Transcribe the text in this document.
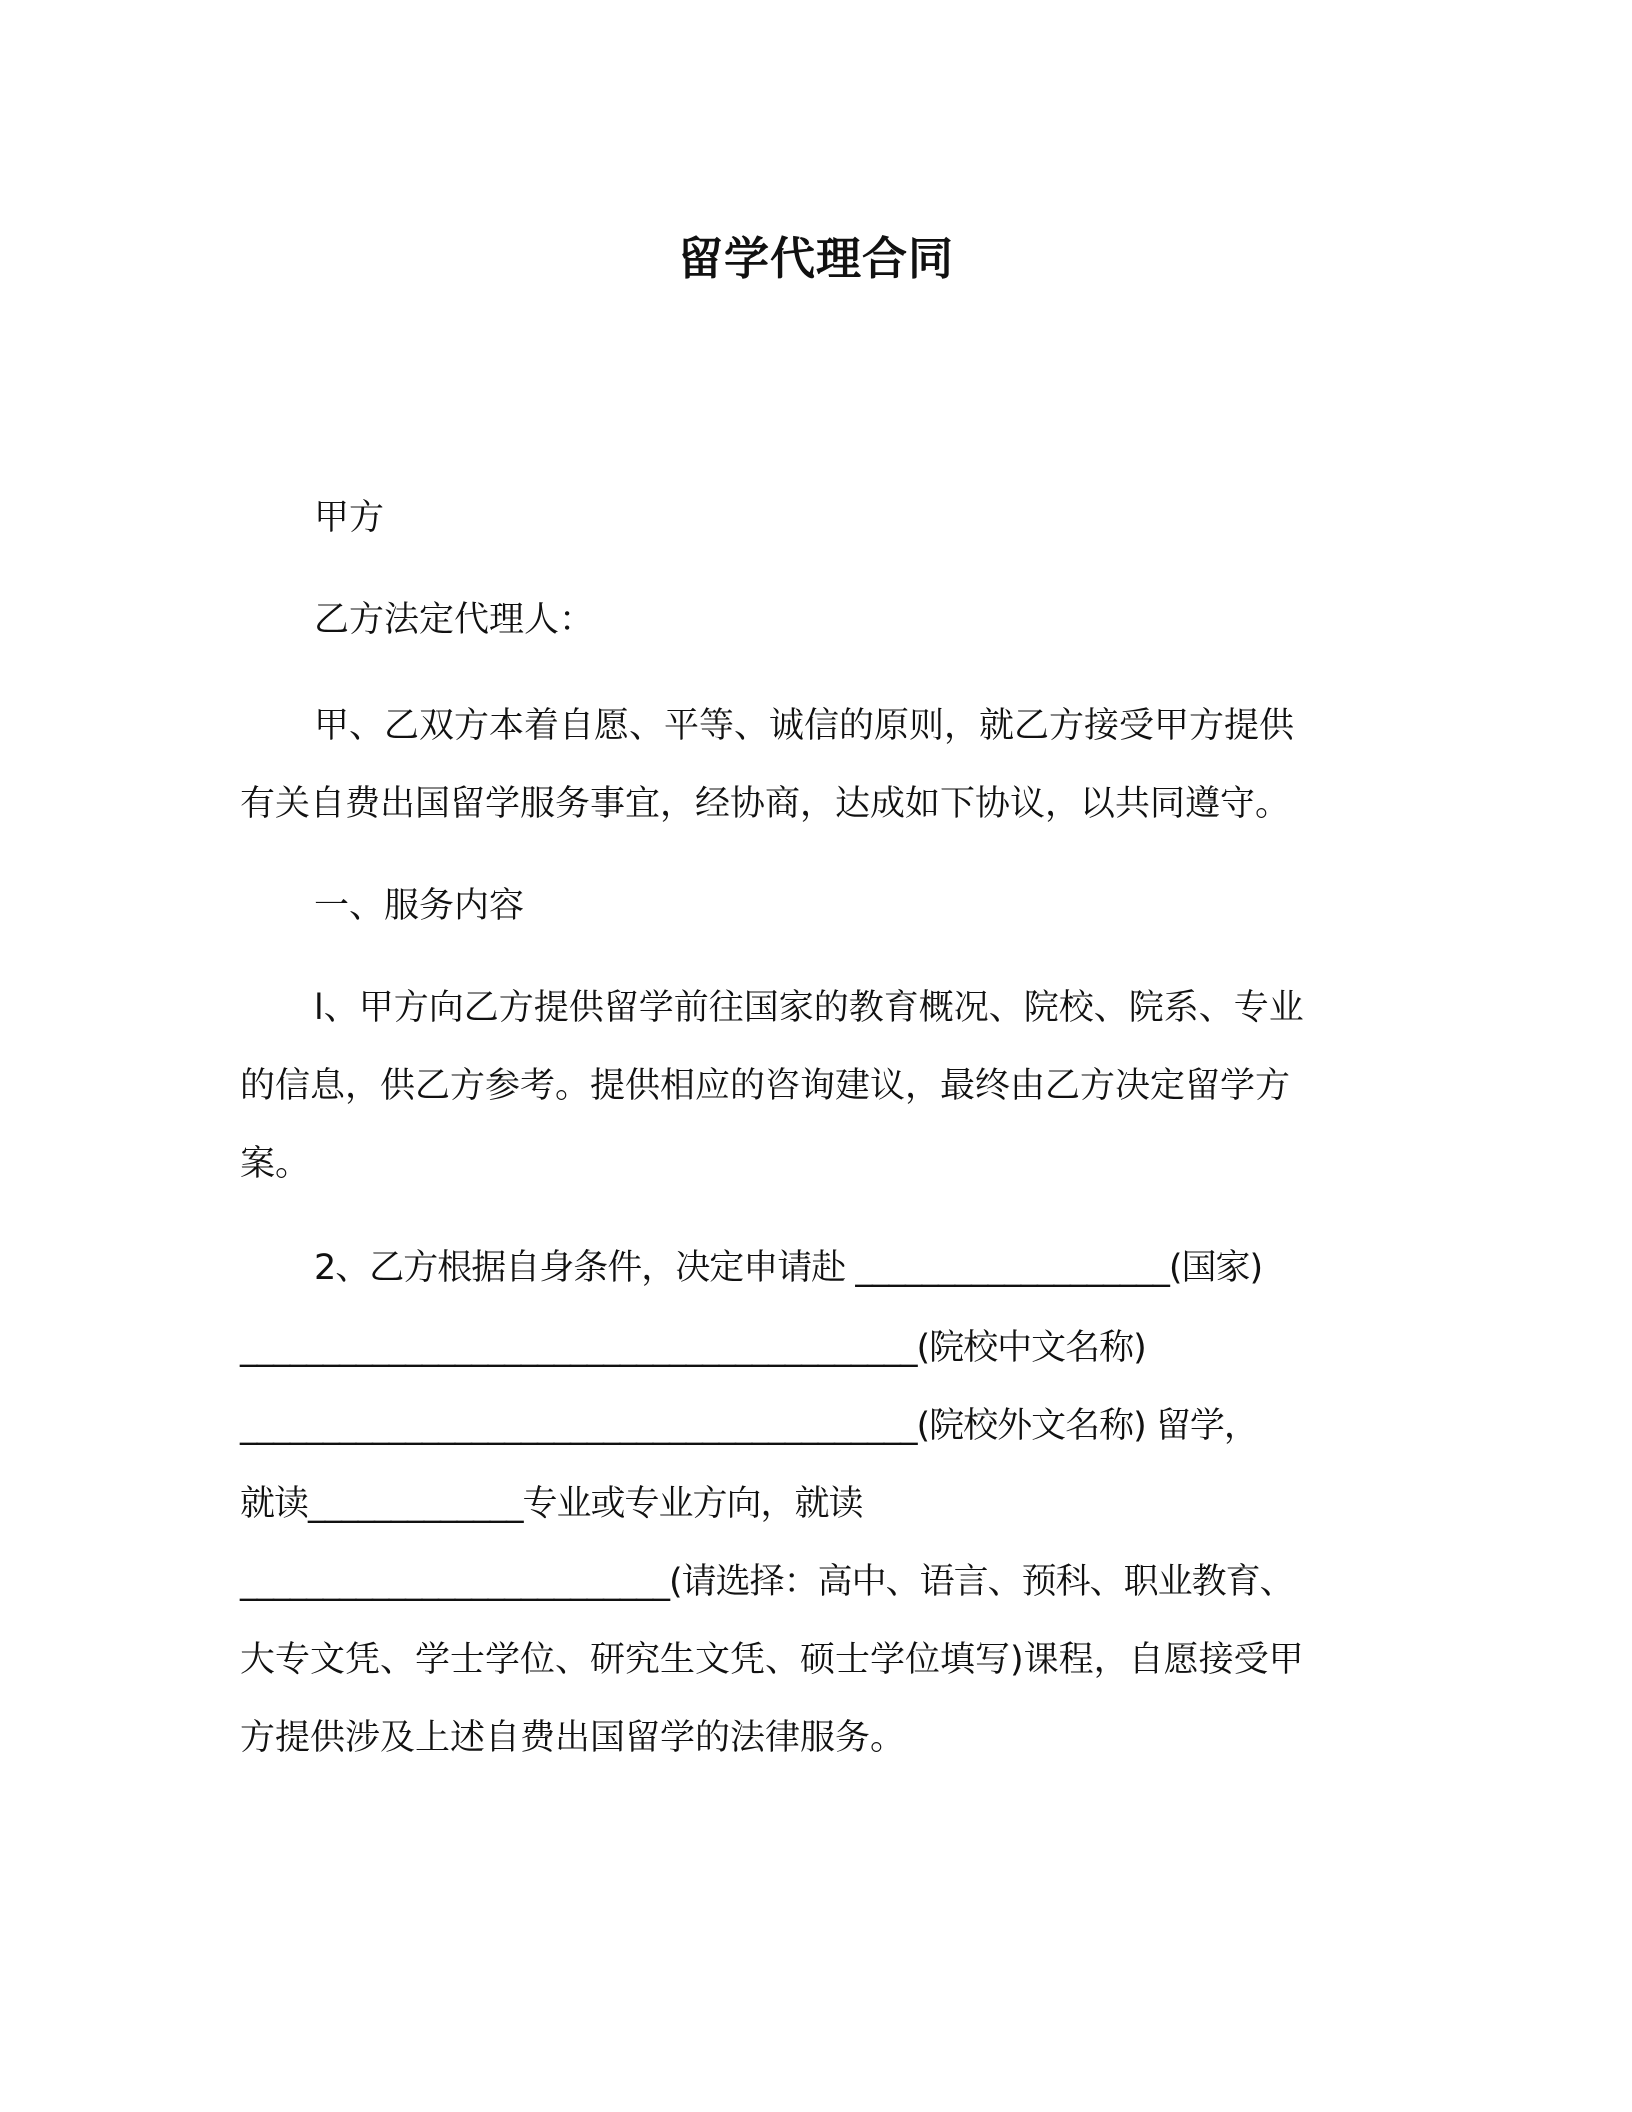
留学代理合同
甲方
乙方法定代理人：
甲、乙双方本着自愿、平等、诚信的原则，就乙方接受甲方提供
有关自费出国留学服务事宜，经协商，达成如下协议，以共同遵守。
一、服务内容
l、甲方向乙方提供留学前往国家的教育概况、院校、院系、专业
的信息，供乙方参考。提供相应的咨询建议，最终由乙方决定留学方
案。
2、乙方根据自身条件，决定申请赴 ___________________(国家)
_________________________________________(院校中文名称)
_________________________________________(院校外文名称) 留学，
就读_____________专业或专业方向，就读
__________________________(请选择：高中、语言、预科、职业教育、
大专文凭、学士学位、研究生文凭、硕士学位填写)课程，自愿接受甲
方提供涉及上述自费出国留学的法律服务。
